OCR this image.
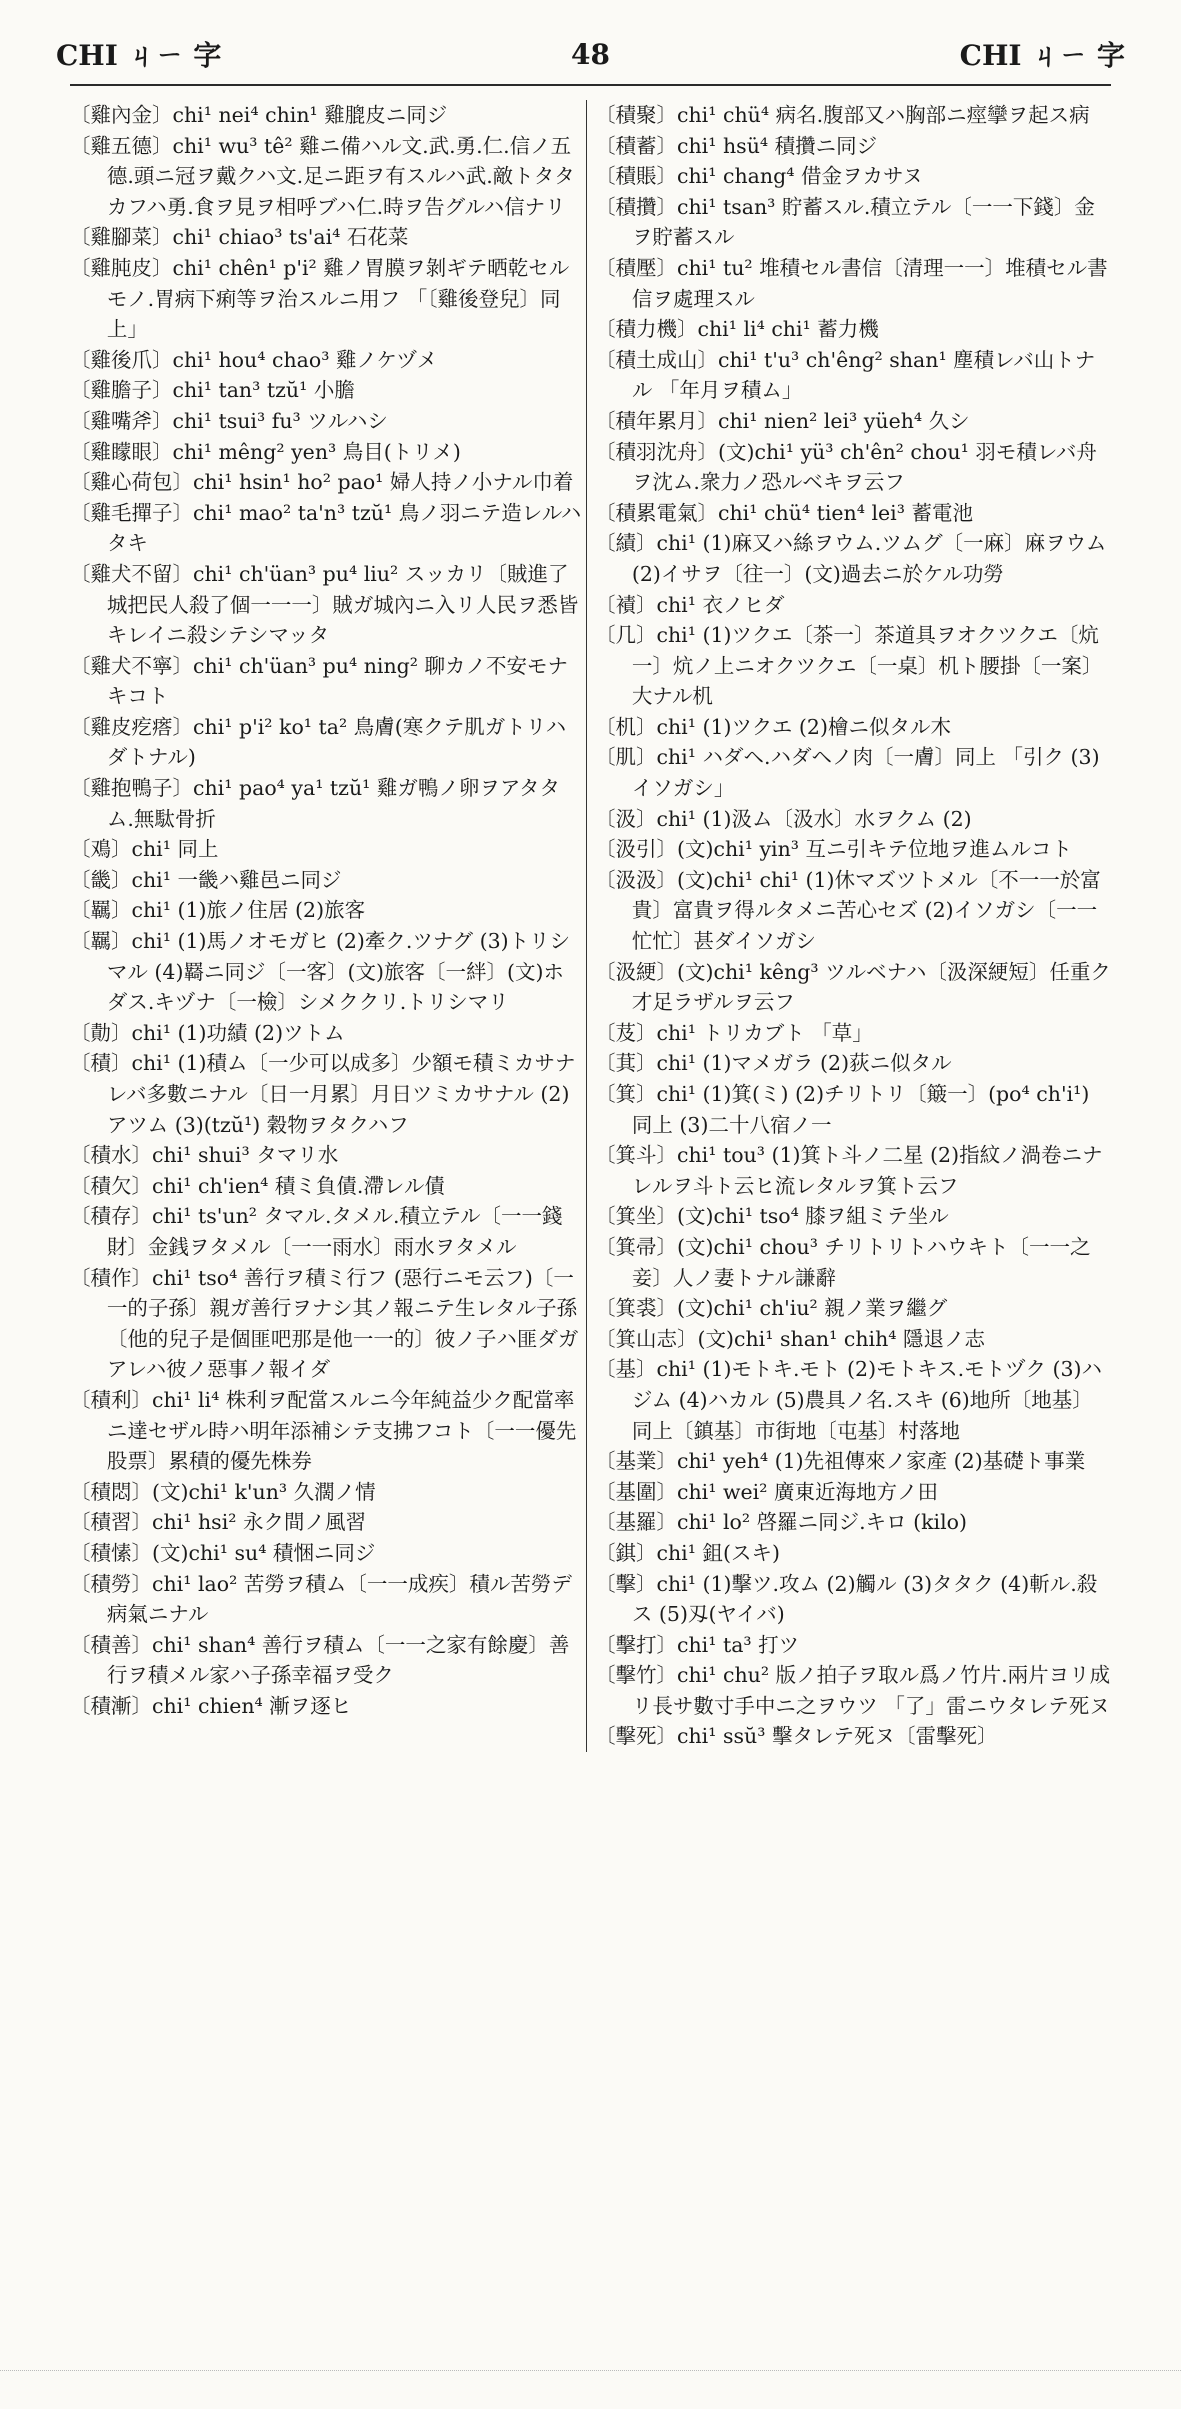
CHI ㄐㄧ 字	48	CHI ㄐㄧ 字

〔雞內金〕chi¹ nei⁴ chin¹ 雞膍皮ニ同ジ

〔雞五德〕chi¹ wu³ tê² 雞ニ備ハル文.武.勇.仁.信ノ五德.頭ニ冠ヲ戴クハ文.足ニ距ヲ有スルハ武.敵トタタカフハ勇.食ヲ見ヲ相呼ブハ仁.時ヲ告グルハ信ナリ

〔雞腳菜〕chi¹ chiao³ ts'ai⁴ 石花菜

〔雞肫皮〕chi¹ chên¹ p'i² 雞ノ胃膜ヲ剝ギテ晒乾セルモノ.胃病下痢等ヲ治スルニ用フ 「〔雞後登兒〕同上」

〔雞後爪〕chi¹ hou⁴ chao³ 雞ノケヅメ

〔雞膽子〕chi¹ tan³ tzŭ¹ 小膽

〔雞嘴斧〕chi¹ tsui³ fu³ ツルハシ

〔雞矇眼〕chi¹ mêng² yen³ 鳥目(トリメ)

〔雞心荷包〕chi¹ hsin¹ ho² pao¹ 婦人持ノ小ナル巾着

〔雞毛撣子〕chi¹ mao² ta'n³ tzŭ¹ 鳥ノ羽ニテ造レルハタキ

〔雞犬不留〕chi¹ ch'üan³ pu⁴ liu² スッカリ〔賊進了城把民人殺了個一一一〕賊ガ城內ニ入リ人民ヲ悉皆キレイニ殺シテシマッタ

〔雞犬不寧〕chi¹ ch'üan³ pu⁴ ning² 聊カノ不安モナキコト

〔雞皮疙瘩〕chi¹ p'i² ko¹ ta² 鳥膚(寒クテ肌ガトリハダトナル)

〔雞抱鴨子〕chi¹ pao⁴ ya¹ tzŭ¹ 雞ガ鴨ノ卵ヲアタタム.無駄骨折

〔鳮〕chi¹ 同上

〔畿〕chi¹ 一畿ハ雞邑ニ同ジ

〔羈〕chi¹ (1)旅ノ住居 (2)旅客

〔羈〕chi¹ (1)馬ノオモガヒ (2)牽ク.ツナグ (3)トリシマル (4)羇ニ同ジ〔一客〕(文)旅客〔一絆〕(文)ホダス.キヅナ〔一檢〕シメククリ.トリシマリ

〔勣〕chi¹ (1)功績 (2)ツトム

〔積〕chi¹ (1)積ム〔一少可以成多〕少額モ積ミカサナレバ多數ニナル〔日一月累〕月日ツミカサナル (2)アツム (3)(tzŭ¹) 穀物ヲタクハフ

〔積水〕chi¹ shui³ タマリ水

〔積欠〕chi¹ ch'ien⁴ 積ミ負債.滯レル債

〔積存〕chi¹ ts'un² タマル.タメル.積立テル〔一一錢財〕金銭ヲタメル〔一一雨水〕雨水ヲタメル

〔積作〕chi¹ tso⁴ 善行ヲ積ミ行フ (惡行ニモ云フ)〔一一的子孫〕親ガ善行ヲナシ其ノ報ニテ生レタル子孫〔他的兒子是個匪吧那是他一一的〕彼ノ子ハ匪ダガアレハ彼ノ惡事ノ報イダ

〔積利〕chi¹ li⁴ 株利ヲ配當スルニ今年純益少ク配當率ニ達セザル時ハ明年添補シテ支拂フコト〔一一優先股票〕累積的優先株券

〔積悶〕(文)chi¹ k'un³ 久濶ノ情

〔積習〕chi¹ hsi² 永ク間ノ風習

〔積愫〕(文)chi¹ su⁴ 積悃ニ同ジ

〔積勞〕chi¹ lao² 苦勞ヲ積ム〔一一成疾〕積ル苦勞デ病氣ニナル

〔積善〕chi¹ shan⁴ 善行ヲ積ム〔一一之家有餘慶〕善行ヲ積メル家ハ子孫幸福ヲ受ク

〔積漸〕chi¹ chien⁴ 漸ヲ逐ヒ

〔積聚〕chi¹ chü⁴ 病名.腹部又ハ胸部ニ痙攣ヲ起ス病

〔積蓄〕chi¹ hsü⁴ 積攢ニ同ジ

〔積賬〕chi¹ chang⁴ 借金ヲカサヌ

〔積攢〕chi¹ tsan³ 貯蓄スル.積立テル〔一一下錢〕金ヲ貯蓄スル

〔積壓〕chi¹ tu² 堆積セル書信〔清理一一〕堆積セル書信ヲ處理スル

〔積力機〕chi¹ li⁴ chi¹ 蓄力機

〔積土成山〕chi¹ t'u³ ch'êng² shan¹ 塵積レバ山トナル 「年月ヲ積ム」

〔積年累月〕chi¹ nien² lei³ yüeh⁴ 久シ

〔積羽沈舟〕(文)chi¹ yü³ ch'ên² chou¹ 羽モ積レバ舟ヲ沈ム.衆力ノ恐ルベキヲ云フ

〔積累電氣〕chi¹ chü⁴ tien⁴ lei³ 蓄電池

〔績〕chi¹ (1)麻又ハ絲ヲウム.ツムグ〔一麻〕麻ヲウム (2)イサヲ〔往一〕(文)過去ニ於ケル功勞

〔襀〕chi¹ 衣ノヒダ

〔几〕chi¹ (1)ツクエ〔茶一〕茶道具ヲオクツクエ〔炕一〕炕ノ上ニオクツクエ〔一桌〕机ト腰掛〔一案〕大ナル机

〔机〕chi¹ (1)ツクエ (2)檜ニ似タル木

〔肌〕chi¹ ハダヘ.ハダヘノ肉〔一膚〕同上 「引ク (3)イソガシ」

〔汲〕chi¹ (1)汲ム〔汲水〕水ヲクム (2)

〔汲引〕(文)chi¹ yin³ 互ニ引キテ位地ヲ進ムルコト

〔汲汲〕(文)chi¹ chi¹ (1)休マズツトメル〔不一一於富貴〕富貴ヲ得ルタメニ苦心セズ (2)イソガシ〔一一忙忙〕甚ダイソガシ

〔汲綆〕(文)chi¹ kêng³ ツルベナハ〔汲深綆短〕任重ク才足ラザルヲ云フ

〔芨〕chi¹ トリカブト 「草」

〔萁〕chi¹ (1)マメガラ (2)荻ニ似タル

〔箕〕chi¹ (1)箕(ミ) (2)チリトリ〔簸一〕(po⁴ ch'i¹) 同上 (3)二十八宿ノ一

〔箕斗〕chi¹ tou³ (1)箕ト斗ノ二星 (2)指紋ノ渦卷ニナレルヲ斗ト云ヒ流レタルヲ箕ト云フ

〔箕坐〕(文)chi¹ tso⁴ 膝ヲ組ミテ坐ル

〔箕帚〕(文)chi¹ chou³ チリトリトハウキト〔一一之妾〕人ノ妻トナル謙辭

〔箕裘〕(文)chi¹ ch'iu² 親ノ業ヲ繼グ

〔箕山志〕(文)chi¹ shan¹ chih⁴ 隱退ノ志

〔基〕chi¹ (1)モトキ.モト (2)モトキス.モトヅク (3)ハジム (4)ハカル (5)農具ノ名.スキ (6)地所〔地基〕同上〔鎮基〕市街地〔屯基〕村落地

〔基業〕chi¹ yeh⁴ (1)先祖傳來ノ家產 (2)基礎ト事業

〔基圍〕chi¹ wei² 廣東近海地方ノ田

〔基羅〕chi¹ lo² 啓羅ニ同ジ.キロ (kilo)

〔錤〕chi¹ 鉏(スキ)

〔擊〕chi¹ (1)擊ツ.攻ム (2)觸ル (3)タタク (4)斬ル.殺ス (5)刄(ヤイバ)

〔擊打〕chi¹ ta³ 打ツ

〔擊竹〕chi¹ chu² 版ノ拍子ヲ取ル爲ノ竹片.兩片ヨリ成リ長サ數寸手中ニ之ヲウツ 「了」雷ニウタレテ死ヌ

〔擊死〕chi¹ ssŭ³ 擊タレテ死ヌ〔雷擊死〕
